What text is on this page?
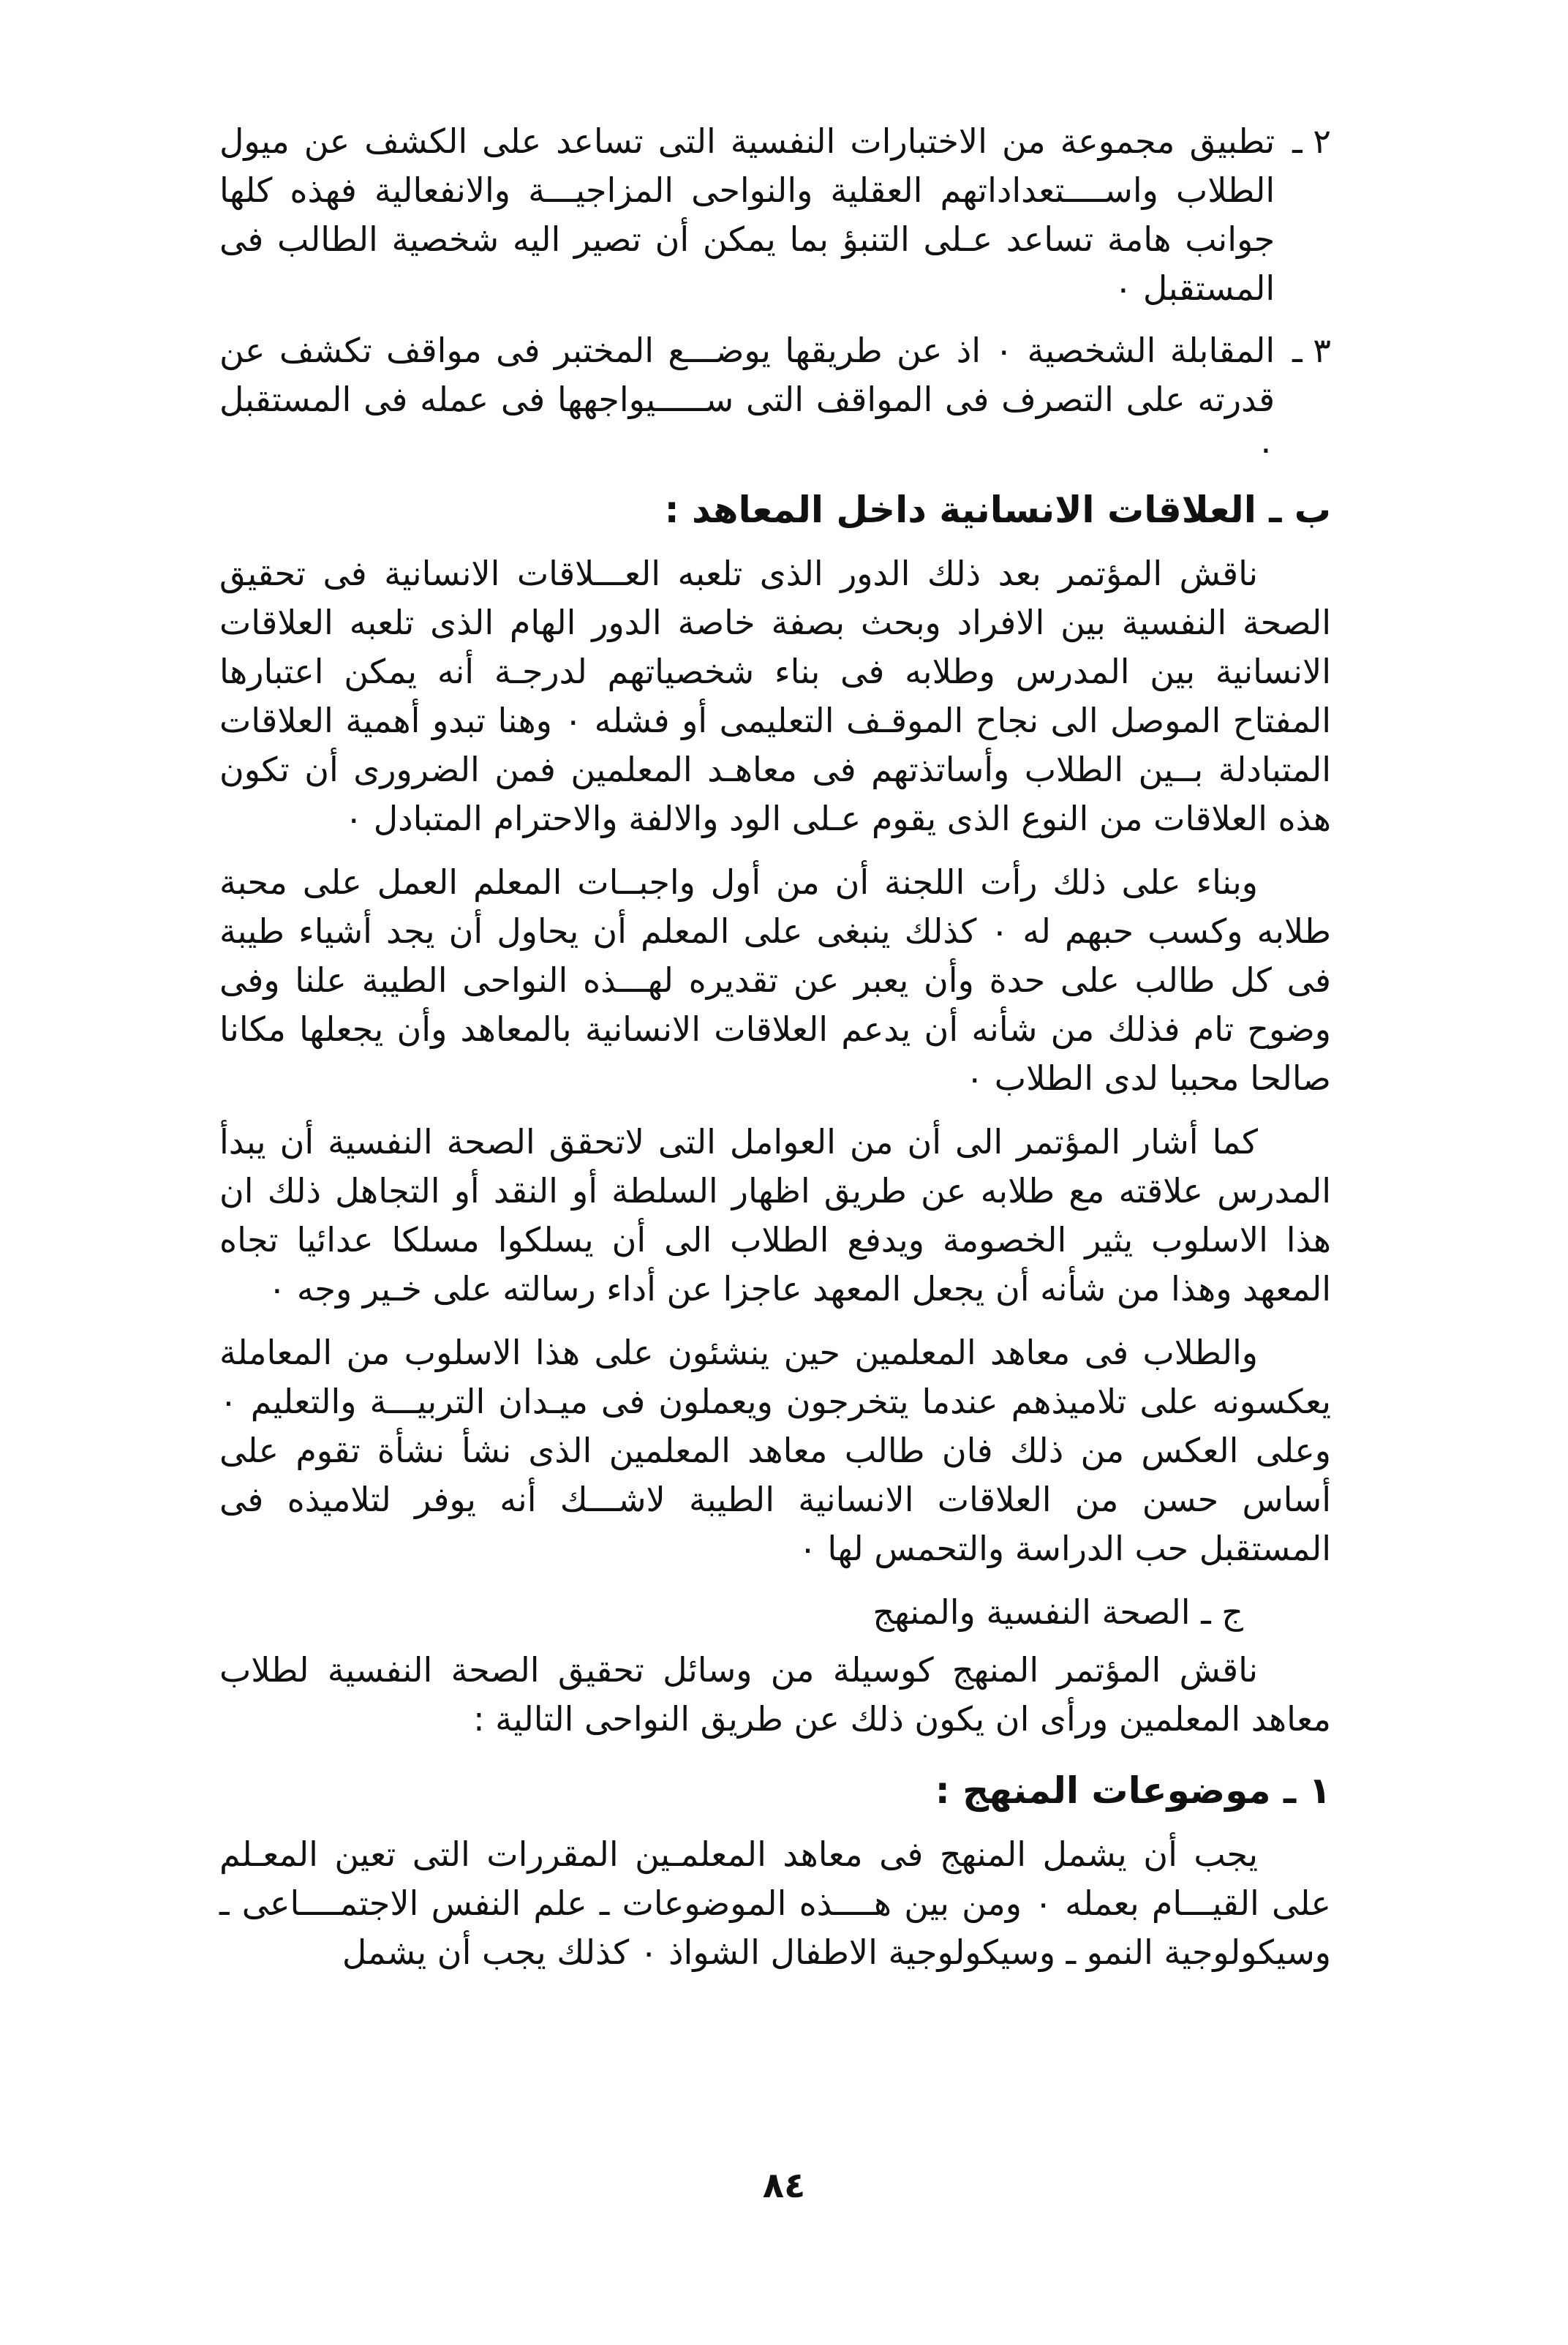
٢ ـ

تطبيق مجموعة من الاختبارات النفسية التى تساعد على الكشف عن ميول الطلاب واســــتعداداتهم العقلية والنواحى المزاجيـــة والانفعالية فهذه كلها جوانب هامة تساعد عـلى التنبؤ بما يمكن أن تصير اليه شخصية الطالب فى المستقبل ٠

٣ ـ

المقابلة الشخصية ٠ اذ عن طريقها يوضـــع المختبر فى مواقف تكشف عن قدرته على التصرف فى المواقف التى ســـــيواجهها فى عمله فى المستقبل ٠

ب ـ العلاقات الانسانية داخل المعاهد :

ناقش المؤتمر بعد ذلك الدور الذى تلعبه العـــلاقات الانسانية فى تحقيق الصحة النفسية بين الافراد وبحث بصفة خاصة الدور الهام الذى تلعبه العلاقات الانسانية بين المدرس وطلابه فى بناء شخصياتهم لدرجـة أنه يمكن اعتبارها المفتاح الموصل الى نجاح الموقـف التعليمى أو فشله ٠ وهنا تبدو أهمية العلاقات المتبادلة بــين الطلاب وأساتذتهم فى معاهـد المعلمين فمن الضرورى أن تكون هذه العلاقات من النوع الذى يقوم عـلى الود والالفة والاحترام المتبادل ٠

وبناء على ذلك رأت اللجنة أن من أول واجبــات المعلم العمل على محبة طلابه وكسب حبهم له ٠ كذلك ينبغى على المعلم أن يحاول أن يجد أشياء طيبة فى كل طالب على حدة وأن يعبر عن تقديره لهـــذه النواحى الطيبة علنا وفى وضوح تام فذلك من شأنه أن يدعم العلاقات الانسانية بالمعاهد وأن يجعلها مكانا صالحا محببا لدى الطلاب ٠

كما أشار المؤتمر الى أن من العوامل التى لاتحقق الصحة النفسية أن يبدأ المدرس علاقته مع طلابه عن طريق اظهار السلطة أو النقد أو التجاهل ذلك ان هذا الاسلوب يثير الخصومة ويدفع الطلاب الى أن يسلكوا مسلكا عدائيا تجاه المعهد وهذا من شأنه أن يجعل المعهد عاجزا عن أداء رسالته على خـير وجه ٠

والطلاب فى معاهد المعلمين حين ينشئون على هذا الاسلوب من المعاملة يعكسونه على تلاميذهم عندما يتخرجون ويعملون فى ميـدان التربيـــة والتعليم ٠ وعلى العكس من ذلك فان طالب معاهد المعلمين الذى نشأ نشأة تقوم على أساس حسن من العلاقات الانسانية الطيبة لاشـــك أنه يوفر لتلاميذه فى المستقبل حب الدراسة والتحمس لها ٠

ج ـ الصحة النفسية والمنهج

ناقش المؤتمر المنهج كوسيلة من وسائل تحقيق الصحة النفسية لطلاب معاهد المعلمين ورأى ان يكون ذلك عن طريق النواحى التالية :

١ ـ موضوعات المنهج :

يجب أن يشمل المنهج فى معاهد المعلمـين المقررات التى تعين المعـلم على القيـــام بعمله ٠ ومن بين هــــذه الموضوعات ـ علم النفس الاجتمــــاعى ـ وسيكولوجية النمو ـ وسيكولوجية الاطفال الشواذ ٠ كذلك يجب أن يشمل

٨٤
